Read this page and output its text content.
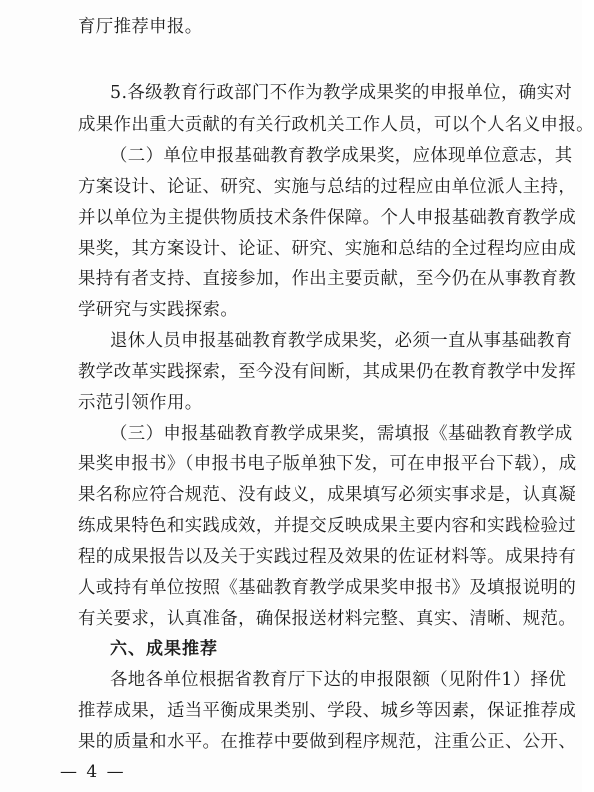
育厅推荐申报。
5.各级教育行政部门不作为教学成果奖的申报单位，确实对
成果作出重大贡献的有关行政机关工作人员，可以个人名义申报。
（二）单位申报基础教育教学成果奖，应体现单位意志，其
方案设计、论证、研究、实施与总结的过程应由单位派人主持，
并以单位为主提供物质技术条件保障。个人申报基础教育教学成
果奖，其方案设计、论证、研究、实施和总结的全过程均应由成
果持有者支持、直接参加，作出主要贡献，至今仍在从事教育教
学研究与实践探索。
退休人员申报基础教育教学成果奖，必须一直从事基础教育
教学改革实践探索，至今没有间断，其成果仍在教育教学中发挥
示范引领作用。
（三）申报基础教育教学成果奖，需填报《基础教育教学成
果奖申报书》（申报书电子版单独下发，可在申报平台下载），成
果名称应符合规范、没有歧义，成果填写必须实事求是，认真凝
练成果特色和实践成效，并提交反映成果主要内容和实践检验过
程的成果报告以及关于实践过程及效果的佐证材料等。成果持有
人或持有单位按照《基础教育教学成果奖申报书》及填报说明的
有关要求，认真准备，确保报送材料完整、真实、清晰、规范。
六、成果推荐
各地各单位根据省教育厅下达的申报限额（见附件1）择优
推荐成果，适当平衡成果类别、学段、城乡等因素，保证推荐成
果的质量和水平。在推荐中要做到程序规范，注重公正、公开、
— 4 —
